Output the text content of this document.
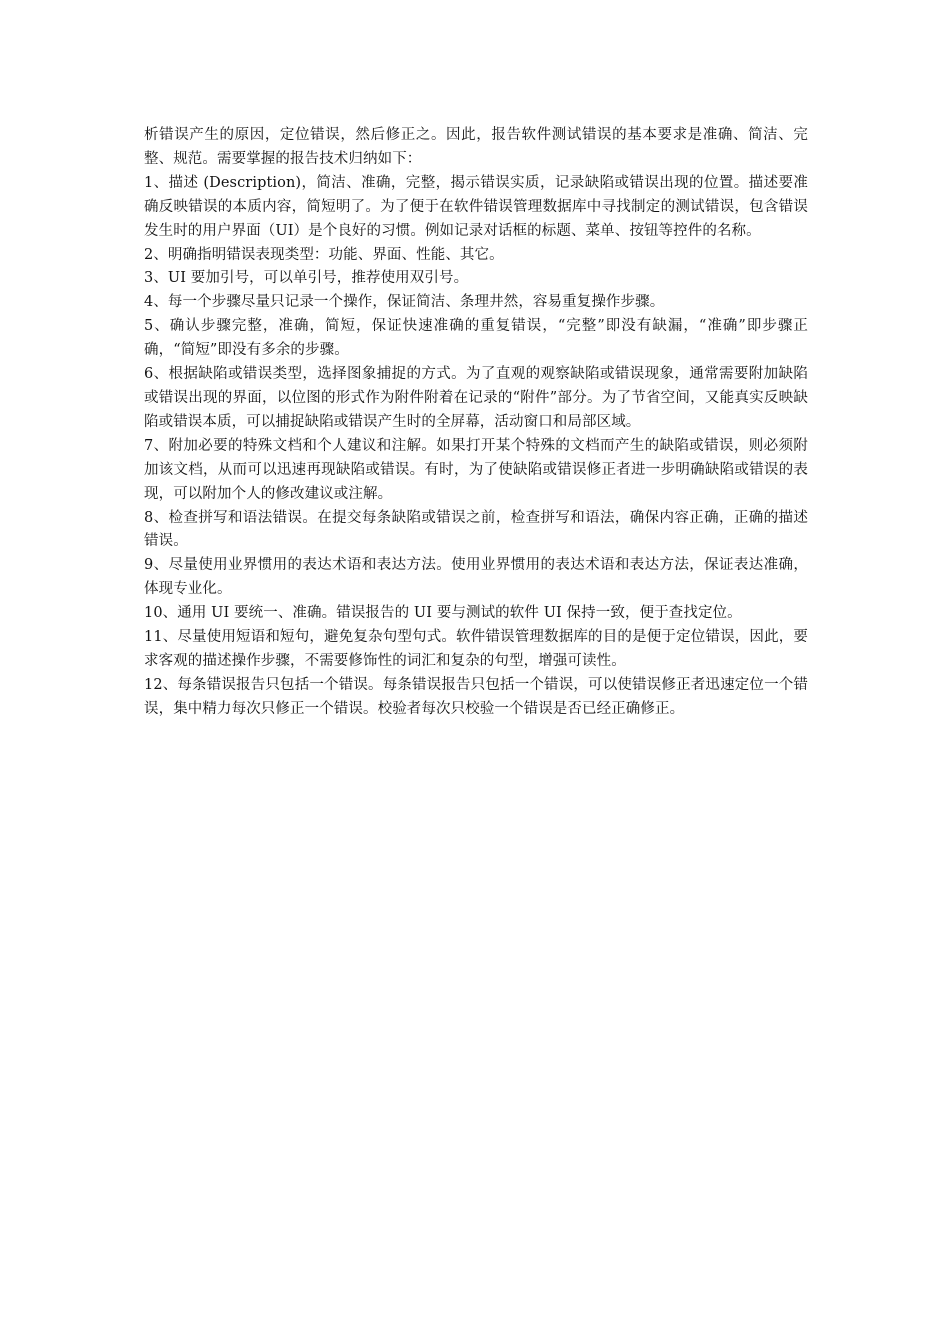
析错误产生的原因，定位错误，然后修正之。因此，报告软件测试错误的基本要求是准确、简洁、完整、规范。需要掌握的报告技术归纳如下：

1、描述 (Description)，简洁、准确，完整，揭示错误实质，记录缺陷或错误出现的位置。描述要准确反映错误的本质内容，简短明了。为了便于在软件错误管理数据库中寻找制定的测试错误，包含错误发生时的用户界面（UI）是个良好的习惯。例如记录对话框的标题、菜单、按钮等控件的名称。

2、明确指明错误表现类型：功能、界面、性能、其它。

3、UI 要加引号，可以单引号，推荐使用双引号。

4、每一个步骤尽量只记录一个操作，保证简洁、条理井然，容易重复操作步骤。

5、确认步骤完整，准确，简短，保证快速准确的重复错误，“完整”即没有缺漏，“准确”即步骤正确，“简短”即没有多余的步骤。

6、根据缺陷或错误类型，选择图象捕捉的方式。为了直观的观察缺陷或错误现象，通常需要附加缺陷或错误出现的界面，以位图的形式作为附件附着在记录的“附件”部分。为了节省空间，又能真实反映缺陷或错误本质，可以捕捉缺陷或错误产生时的全屏幕，活动窗口和局部区域。

7、附加必要的特殊文档和个人建议和注解。如果打开某个特殊的文档而产生的缺陷或错误，则必须附加该文档，从而可以迅速再现缺陷或错误。有时，为了使缺陷或错误修正者进一步明确缺陷或错误的表现，可以附加个人的修改建议或注解。

8、检查拼写和语法错误。在提交每条缺陷或错误之前，检查拼写和语法，确保内容正确，正确的描述错误。

9、尽量使用业界惯用的表达术语和表达方法。使用业界惯用的表达术语和表达方法，保证表达准确，体现专业化。

10、通用 UI 要统一、准确。错误报告的 UI 要与测试的软件 UI 保持一致，便于查找定位。

11、尽量使用短语和短句，避免复杂句型句式。软件错误管理数据库的目的是便于定位错误，因此，要求客观的描述操作步骤，不需要修饰性的词汇和复杂的句型，增强可读性。

12、每条错误报告只包括一个错误。每条错误报告只包括一个错误，可以使错误修正者迅速定位一个错误，集中精力每次只修正一个错误。校验者每次只校验一个错误是否已经正确修正。
